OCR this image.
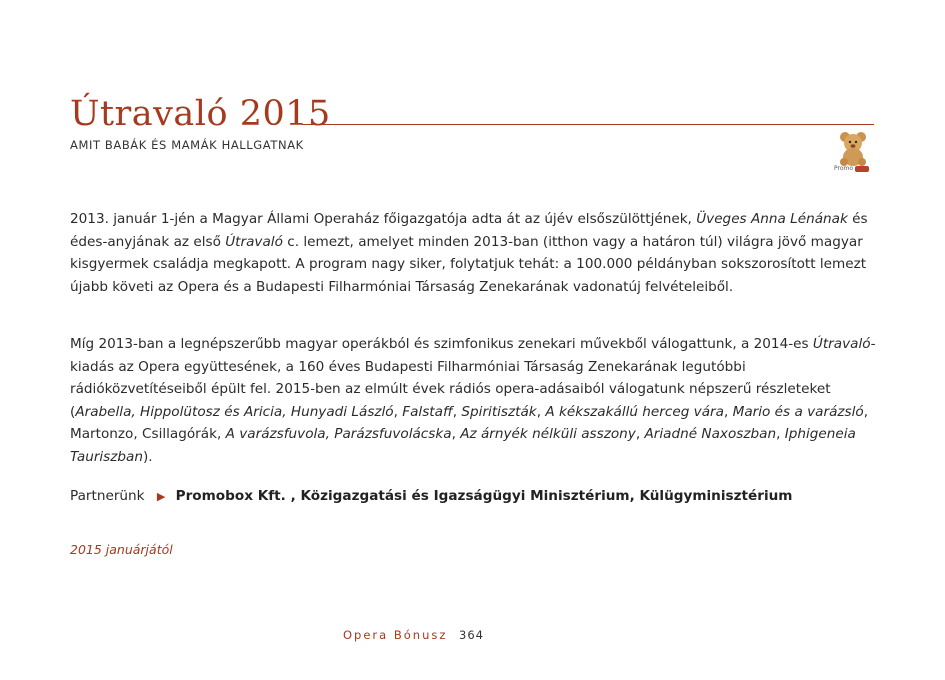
Útravaló 2015
AMIT BABÁK ÉS MAMÁK HALLGATNAK
Promo

2013. január 1-jén a Magyar Állami Operaház főigazgatója adta át az újév elsőszülöttjének, Üveges Anna Lénának és édes-anyjának az első Útravaló c. lemezt, amelyet minden 2013-ban (itthon vagy a határon túl) világra jövő magyar kisgyermek családja megkapott. A program nagy siker, folytatjuk tehát: a 100.000 példányban sokszorosított lemezt újabb követi az Opera és a Budapesti Filharmóniai Társaság Zenekarának vadonatúj felvételeiből.

Míg 2013-ban a legnépszerűbb magyar operákból és szimfonikus zenekari művekből válogattunk, a 2014-es Útravaló-kiadás az Opera együttesének, a 160 éves Budapesti Filharmóniai Társaság Zenekarának legutóbbi rádióközvetítéseiből épült fel. 2015-ben az elmúlt évek rádiós opera-adásaiból válogatunk népszerű részleteket (Arabella, Hippolütosz és Aricia, Hunyadi László, Falstaff, Spiritiszták, A kékszakállú herceg vára, Mario és a varázsló, Martonzo, Csillagórák, A varázsfuvola, Parázsfuvolácska, Az árnyék nélküli asszony, Ariadné Naxoszban, Iphigeneia Tauriszban).

Partnerünk ▶ Promobox Kft. , Közigazgatási és Igazságügyi Minisztérium, Külügyminisztérium
2015 januárjától
Opera Bónusz 364
